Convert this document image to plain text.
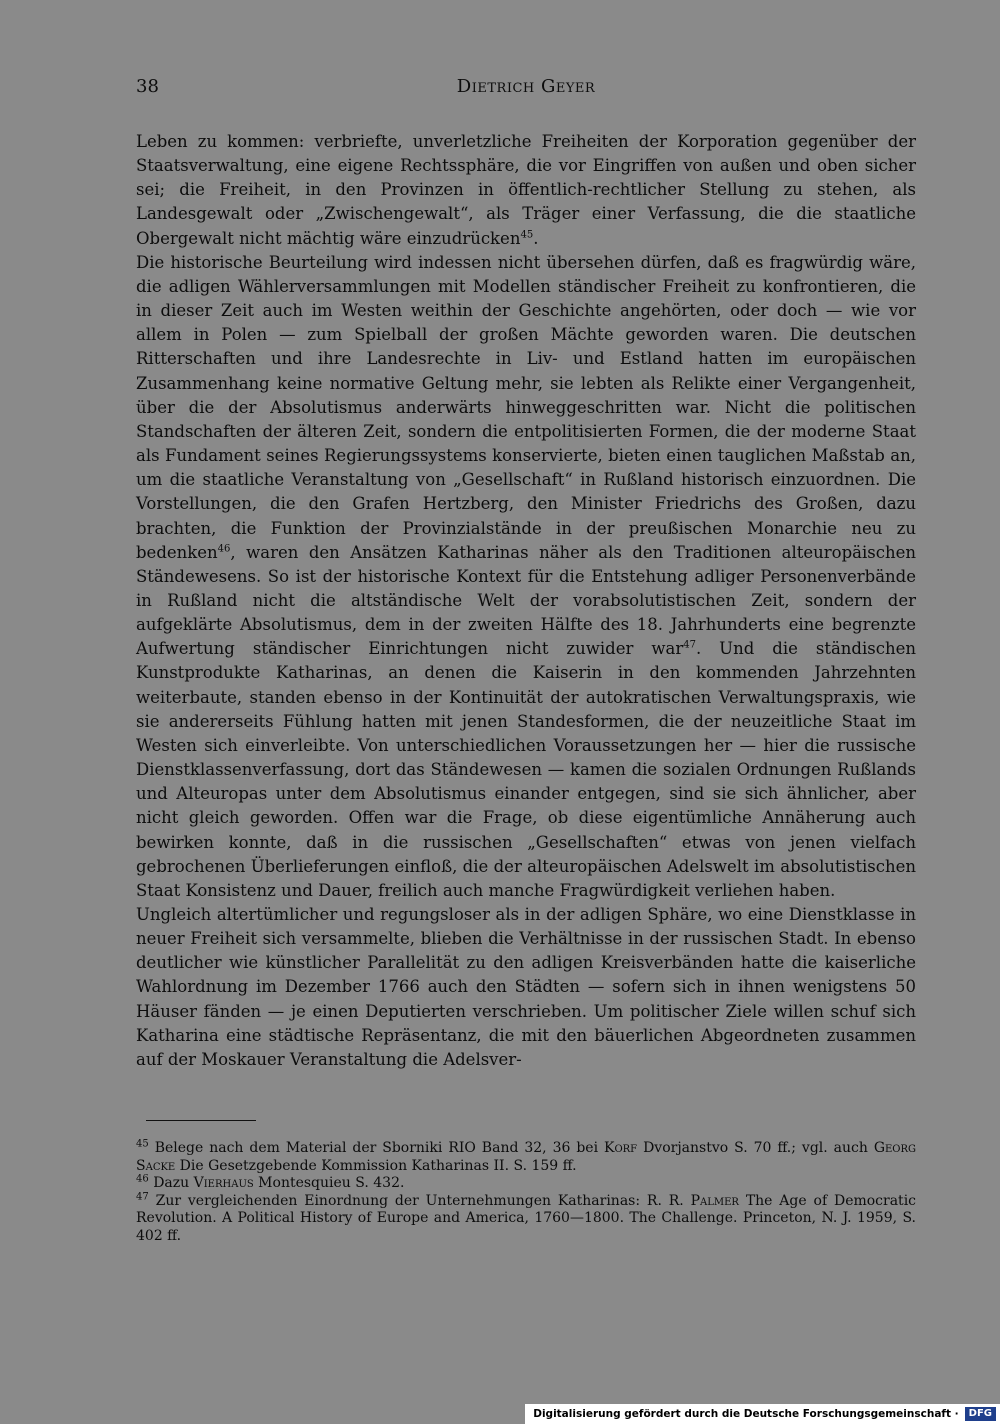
38	Dietrich Geyer

Leben zu kommen: verbriefte, unverletzliche Freiheiten der Korporation gegenüber der Staatsverwaltung, eine eigene Rechtssphäre, die vor Eingriffen von außen und oben sicher sei; die Freiheit, in den Provinzen in öffentlich-rechtlicher Stellung zu stehen, als Landesgewalt oder „Zwischengewalt“, als Träger einer Verfassung, die die staatliche Obergewalt nicht mächtig wäre einzudrücken$^{45}$.

Die historische Beurteilung wird indessen nicht übersehen dürfen, daß es fragwürdig wäre, die adligen Wählerversammlungen mit Modellen ständischer Freiheit zu konfrontieren, die in dieser Zeit auch im Westen weithin der Geschichte angehörten, oder doch — wie vor allem in Polen — zum Spielball der großen Mächte geworden waren. Die deutschen Ritterschaften und ihre Landesrechte in Liv- und Estland hatten im europäischen Zusammenhang keine normative Geltung mehr, sie lebten als Relikte einer Vergangenheit, über die der Absolutismus anderwärts hinweggeschritten war. Nicht die politischen Standschaften der älteren Zeit, sondern die entpolitisierten Formen, die der moderne Staat als Fundament seines Regierungssystems konservierte, bieten einen tauglichen Maßstab an, um die staatliche Veranstaltung von „Gesellschaft“ in Rußland historisch einzuordnen. Die Vorstellungen, die den Grafen Hertzberg, den Minister Friedrichs des Großen, dazu brachten, die Funktion der Provinzialstände in der preußischen Monarchie neu zu bedenken$^{46}$, waren den Ansätzen Katharinas näher als den Traditionen alteuropäischen Ständewesens. So ist der historische Kontext für die Entstehung adliger Personenverbände in Rußland nicht die altständische Welt der vorabsolutistischen Zeit, sondern der aufgeklärte Absolutismus, dem in der zweiten Hälfte des 18. Jahrhunderts eine begrenzte Aufwertung ständischer Einrichtungen nicht zuwider war$^{47}$. Und die ständischen Kunstprodukte Katharinas, an denen die Kaiserin in den kommenden Jahrzehnten weiterbaute, standen ebenso in der Kontinuität der autokratischen Verwaltungspraxis, wie sie andererseits Fühlung hatten mit jenen Standesformen, die der neuzeitliche Staat im Westen sich einverleibte. Von unterschiedlichen Voraussetzungen her — hier die russische Dienstklassenverfassung, dort das Ständewesen — kamen die sozialen Ordnungen Rußlands und Alteuropas unter dem Absolutismus einander entgegen, sind sie sich ähnlicher, aber nicht gleich geworden. Offen war die Frage, ob diese eigentümliche Annäherung auch bewirken konnte, daß in die russischen „Gesellschaften“ etwas von jenen vielfach gebrochenen Überlieferungen einfloß, die der alteuropäischen Adelswelt im absolutistischen Staat Konsistenz und Dauer, freilich auch manche Fragwürdigkeit verliehen haben.

Ungleich altertümlicher und regungsloser als in der adligen Sphäre, wo eine Dienstklasse in neuer Freiheit sich versammelte, blieben die Verhältnisse in der russischen Stadt. In ebenso deutlicher wie künstlicher Parallelität zu den adligen Kreisverbänden hatte die kaiserliche Wahlordnung im Dezember 1766 auch den Städten — sofern sich in ihnen wenigstens 50 Häuser fänden — je einen Deputierten verschrieben. Um politischer Ziele willen schuf sich Katharina eine städtische Repräsentanz, die mit den bäuerlichen Abgeordneten zusammen auf der Moskauer Veranstaltung die Adelsver-

$^{45}$ Belege nach dem Material der Sborniki RIO Band 32, 36 bei Korf Dvorjanstvo S. 70 ff.; vgl. auch Georg Sacke Die Gesetzgebende Kommission Katharinas II. S. 159 ff.

$^{46}$ Dazu Vierhaus Montesquieu S. 432.

$^{47}$ Zur vergleichenden Einordnung der Unternehmungen Katharinas: R. R. Palmer The Age of Democratic Revolution. A Political History of Europe and America, 1760—1800. The Challenge. Princeton, N. J. 1959, S. 402 ff.

Digitalisierung gefördert durch die Deutsche Forschungsgemeinschaft ·	DFG
